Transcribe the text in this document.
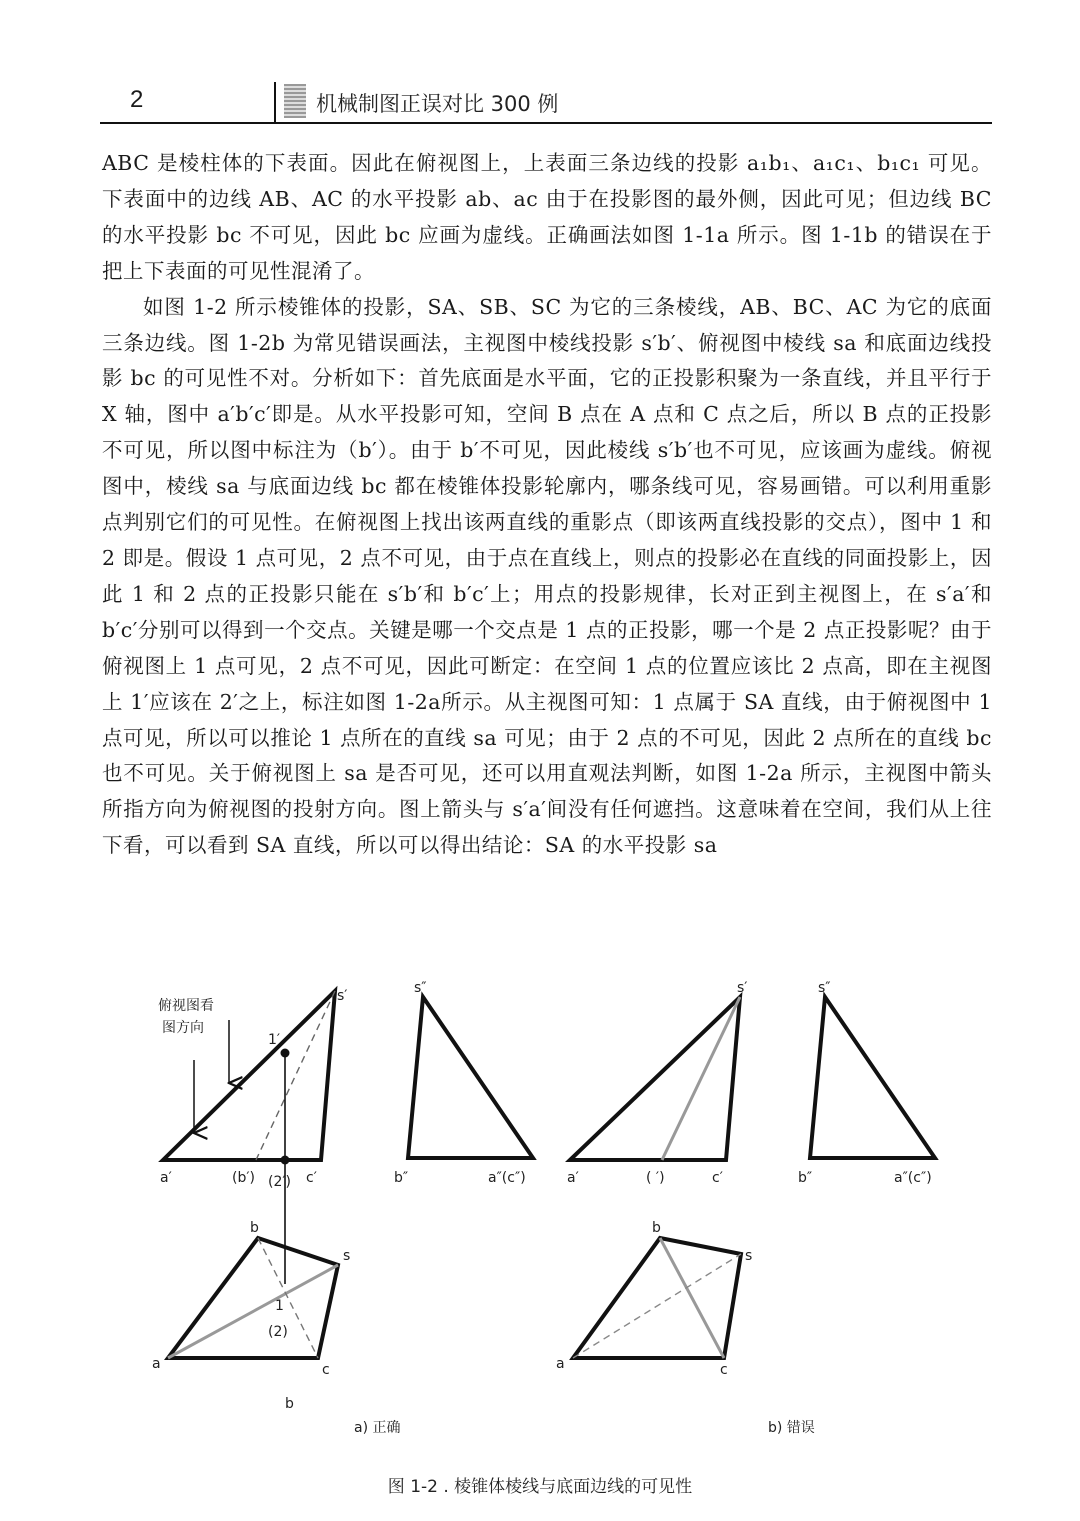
2	机械制图正误对比 300 例

ABC 是棱柱体的下表面。因此在俯视图上，上表面三条边线的投影 a₁b₁、a₁c₁、b₁c₁ 可见。下表面中的边线 AB、AC 的水平投影 ab、ac 由于在投影图的最外侧，因此可见；但边线 BC 的水平投影 bc 不可见，因此 bc 应画为虚线。正确画法如图 1-1a 所示。图 1-1b 的错误在于把上下表面的可见性混淆了。

如图 1-2 所示棱锥体的投影，SA、SB、SC 为它的三条棱线，AB、BC、AC 为它的底面三条边线。图 1-2b 为常见错误画法，主视图中棱线投影 s′b′、俯视图中棱线 sa 和底面边线投影 bc 的可见性不对。分析如下：首先底面是水平面，它的正投影积聚为一条直线，并且平行于 X 轴，图中 a′b′c′即是。从水平投影可知，空间 B 点在 A 点和 C 点之后，所以 B 点的正投影不可见，所以图中标注为（b′）。由于 b′不可见，因此棱线 s′b′也不可见，应该画为虚线。俯视图中，棱线 sa 与底面边线 bc 都在棱锥体投影轮廓内，哪条线可见，容易画错。可以利用重影点判别它们的可见性。在俯视图上找出该两直线的重影点（即该两直线投影的交点），图中 1 和 2 即是。假设 1 点可见，2 点不可见，由于点在直线上，则点的投影必在直线的同面投影上，因此 1 和 2 点的正投影只能在 s′b′和 b′c′上；用点的投影规律，长对正到主视图上，在 s′a′和 b′c′分别可以得到一个交点。关键是哪一个交点是 1 点的正投影，哪一个是 2 点正投影呢？由于俯视图上 1 点可见，2 点不可见，因此可断定：在空间 1 点的位置应该比 2 点高，即在主视图上 1′应该在 2′之上，标注如图 1-2a所示。从主视图可知：1 点属于 SA 直线，由于俯视图中 1 点可见，所以可以推论 1 点所在的直线 sa 可见；由于 2 点的不可见，因此 2 点所在的直线 bc 也不可见。关于俯视图上 sa 是否可见，还可以用直观法判断，如图 1-2a 所示，主视图中箭头所指方向为俯视图的投射方向。图上箭头与 s′a′间没有任何遮挡。这意味着在空间，我们从上往下看，可以看到 SA 直线，所以可以得出结论：SA 的水平投影 sa

俯视图看
图方向
s′
1′
a′	(b′) (2′) c′
s″
b″	a″(c″)
b
s
1
(2)
a	c
b
s′
a′	( ′)	c′
s″
b″	a″(c″)
b
s
a	c
a) 正确	b) 错误
图 1-2 . 棱锥体棱线与底面边线的可见性
